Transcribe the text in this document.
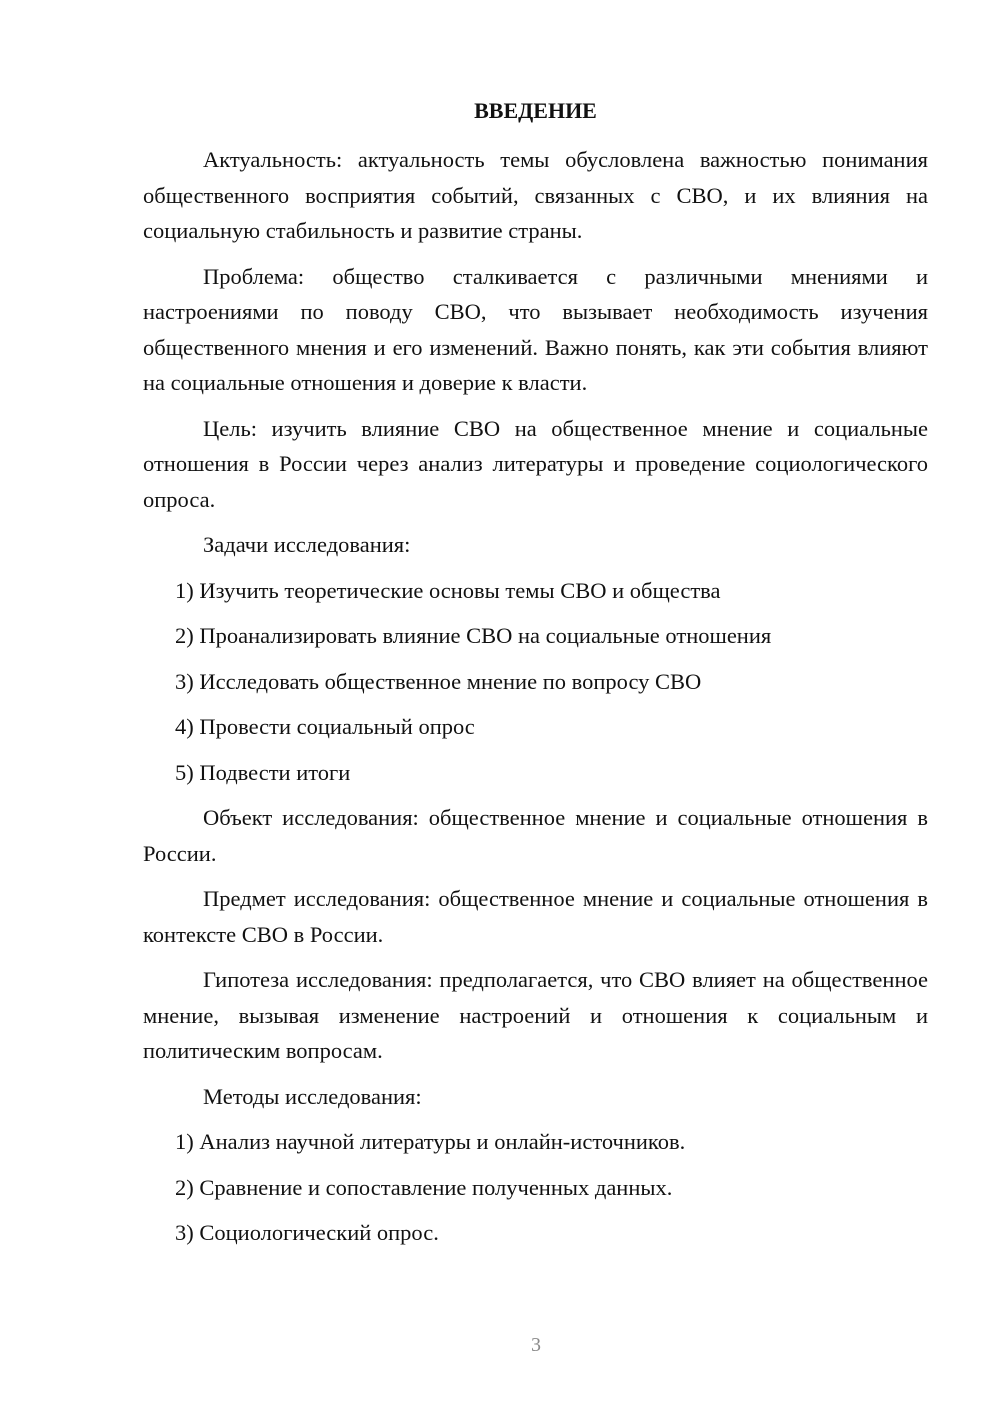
ВВЕДЕНИЕ

Актуальность: актуальность темы обусловлена важностью понимания общественного восприятия событий, связанных с СВО, и их влияния на социальную стабильность и развитие страны.

Проблема: общество сталкивается с различными мнениями и настроениями по поводу СВО, что вызывает необходимость изучения общественного мнения и его изменений. Важно понять, как эти события влияют на социальные отношения и доверие к власти.

Цель: изучить влияние СВО на общественное мнение и социальные отношения в России через анализ литературы и проведение социологического опроса.

Задачи исследования:

1) Изучить теоретические основы темы СВО и общества
2) Проанализировать влияние СВО на социальные отношения
3) Исследовать общественное мнение по вопросу СВО
4) Провести социальный опрос
5) Подвести итоги

Объект исследования: общественное мнение и социальные отношения в России.

Предмет исследования: общественное мнение и социальные отношения в контексте СВО в России.

Гипотеза исследования: предполагается, что СВО влияет на общественное мнение, вызывая изменение настроений и отношения к социальным и политическим вопросам.

Методы исследования:

1) Анализ научной литературы и онлайн-источников.
2) Сравнение и сопоставление полученных данных.
3) Социологический опрос.
3
